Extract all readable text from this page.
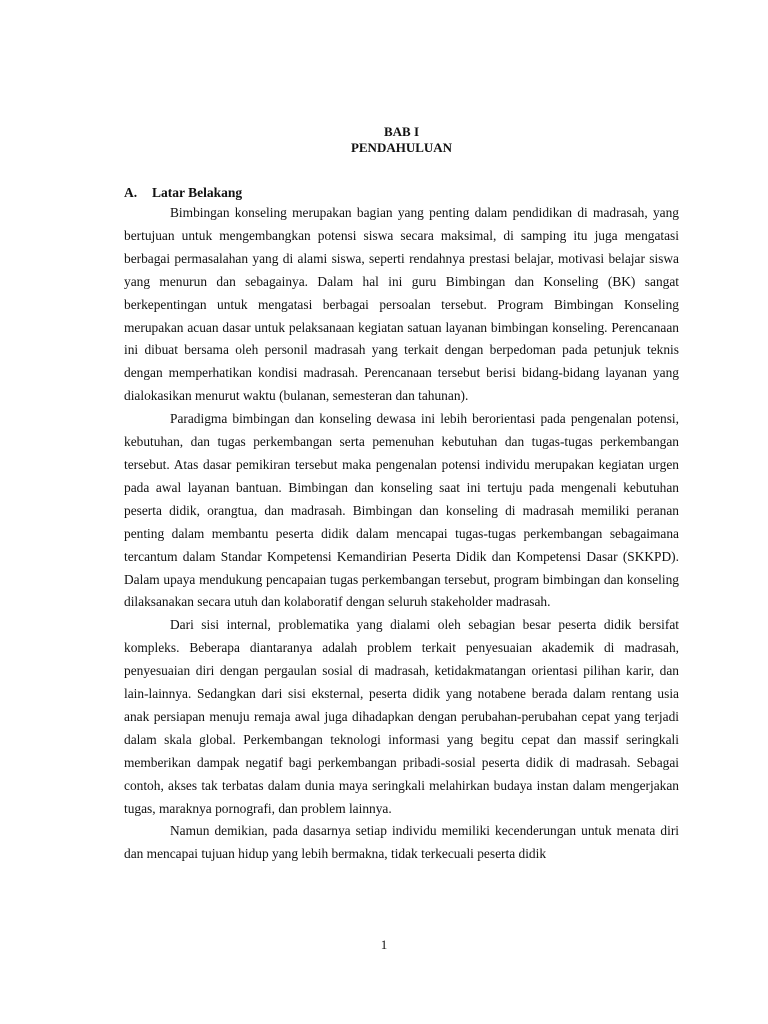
BAB I
PENDAHULUAN
A. Latar Belakang

Bimbingan konseling merupakan bagian yang penting dalam pendidikan di madrasah, yang bertujuan untuk mengembangkan potensi siswa secara maksimal, di samping itu juga mengatasi berbagai permasalahan yang di alami siswa, seperti rendahnya prestasi belajar, motivasi belajar siswa yang menurun dan sebagainya. Dalam hal ini guru Bimbingan dan Konseling (BK) sangat berkepentingan untuk mengatasi berbagai persoalan tersebut. Program Bimbingan Konseling merupakan acuan dasar untuk pelaksanaan kegiatan satuan layanan bimbingan konseling. Perencanaan ini dibuat bersama oleh personil madrasah yang terkait dengan berpedoman pada petunjuk teknis dengan memperhatikan kondisi madrasah. Perencanaan tersebut berisi bidang-bidang layanan yang dialokasikan menurut waktu (bulanan, semesteran dan tahunan).

Paradigma bimbingan dan konseling dewasa ini lebih berorientasi pada pengenalan potensi, kebutuhan, dan tugas perkembangan serta pemenuhan kebutuhan dan tugas-tugas perkembangan tersebut. Atas dasar pemikiran tersebut maka pengenalan potensi individu merupakan kegiatan urgen pada awal layanan bantuan. Bimbingan dan konseling saat ini tertuju pada mengenali kebutuhan peserta didik, orangtua, dan madrasah. Bimbingan dan konseling di madrasah memiliki peranan penting dalam membantu peserta didik dalam mencapai tugas-tugas perkembangan sebagaimana tercantum dalam Standar Kompetensi Kemandirian Peserta Didik dan Kompetensi Dasar (SKKPD). Dalam upaya mendukung pencapaian tugas perkembangan tersebut, program bimbingan dan konseling dilaksanakan secara utuh dan kolaboratif dengan seluruh stakeholder madrasah.

Dari sisi internal, problematika yang dialami oleh sebagian besar peserta didik bersifat kompleks. Beberapa diantaranya adalah problem terkait penyesuaian akademik di madrasah, penyesuaian diri dengan pergaulan sosial di madrasah, ketidakmatangan orientasi pilihan karir, dan lain-lainnya. Sedangkan dari sisi eksternal, peserta didik yang notabene berada dalam rentang usia anak persiapan menuju remaja awal juga dihadapkan dengan perubahan-perubahan cepat yang terjadi dalam skala global. Perkembangan teknologi informasi yang begitu cepat dan massif seringkali memberikan dampak negatif bagi perkembangan pribadi-sosial peserta didik di madrasah. Sebagai contoh, akses tak terbatas dalam dunia maya seringkali melahirkan budaya instan dalam mengerjakan tugas, maraknya pornografi, dan problem lainnya.

Namun demikian, pada dasarnya setiap individu memiliki kecenderungan untuk menata diri dan mencapai tujuan hidup yang lebih bermakna, tidak terkecuali peserta didik

1
